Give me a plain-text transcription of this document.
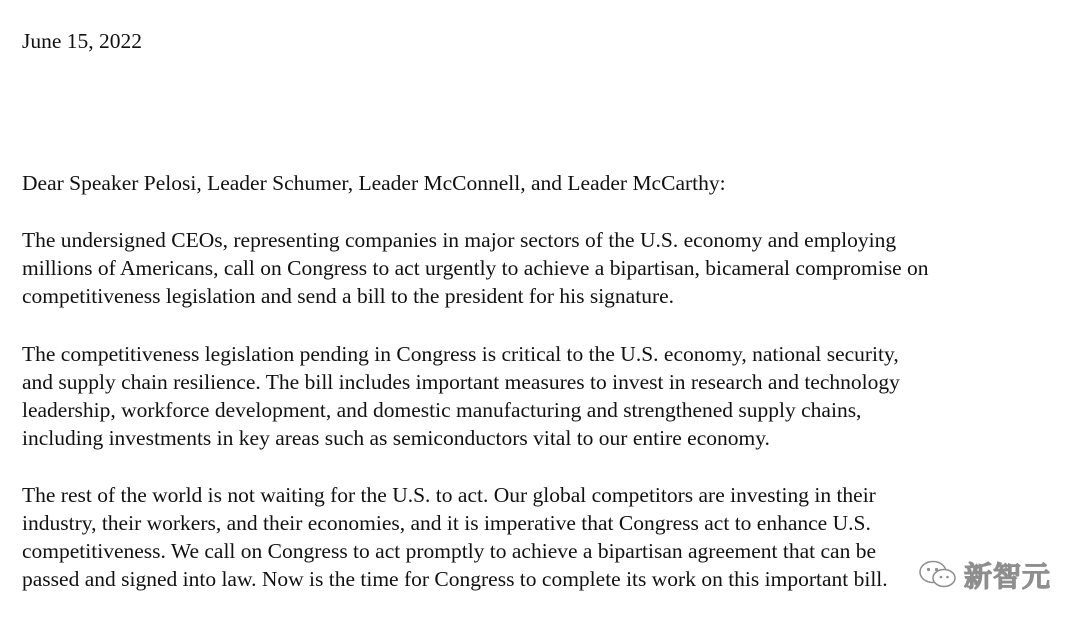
June 15, 2022
Dear Speaker Pelosi, Leader Schumer, Leader McConnell, and Leader McCarthy:
The undersigned CEOs, representing companies in major sectors of the U.S. economy and employing
millions of Americans, call on Congress to act urgently to achieve a bipartisan, bicameral compromise on
competitiveness legislation and send a bill to the president for his signature.
The competitiveness legislation pending in Congress is critical to the U.S. economy, national security,
and supply chain resilience. The bill includes important measures to invest in research and technology
leadership, workforce development, and domestic manufacturing and strengthened supply chains,
including investments in key areas such as semiconductors vital to our entire economy.
The rest of the world is not waiting for the U.S. to act. Our global competitors are investing in their
industry, their workers, and their economies, and it is imperative that Congress act to enhance U.S.
competitiveness. We call on Congress to act promptly to achieve a bipartisan agreement that can be
passed and signed into law. Now is the time for Congress to complete its work on this important bill.	新智元
